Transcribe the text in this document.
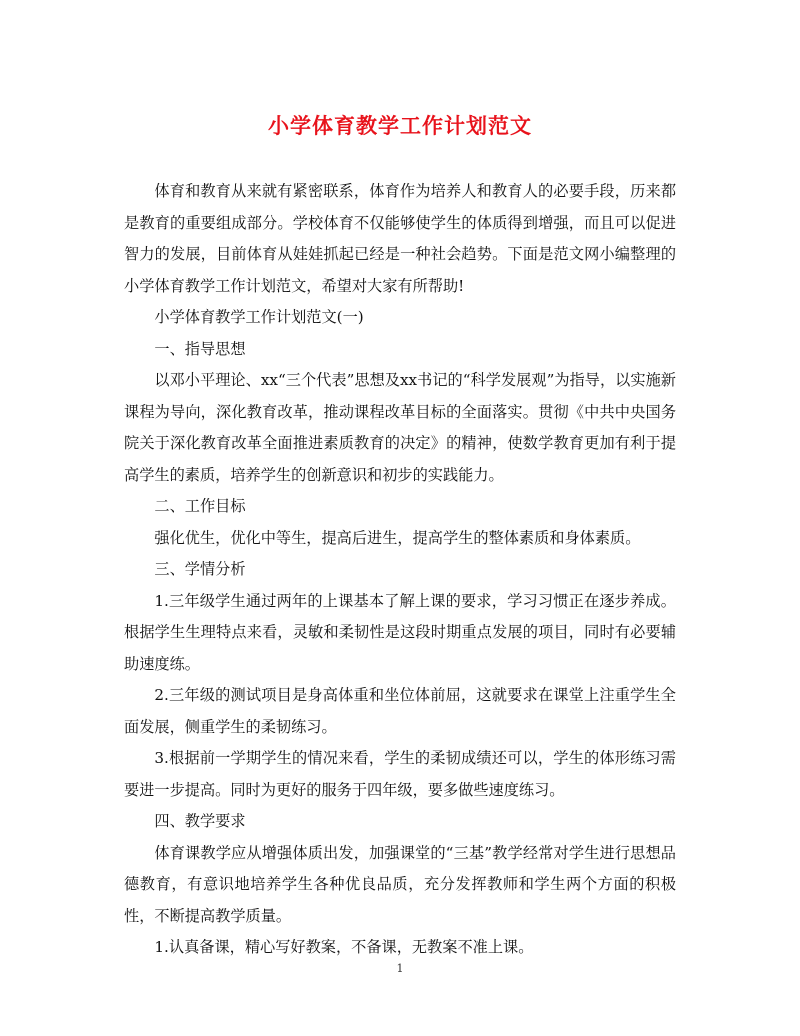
小学体育教学工作计划范文

体育和教育从来就有紧密联系，体育作为培养人和教育人的必要手段，历来都是教育的重要组成部分。学校体育不仅能够使学生的体质得到增强，而且可以促进智力的发展，目前体育从娃娃抓起已经是一种社会趋势。下面是范文网小编整理的小学体育教学工作计划范文，希望对大家有所帮助!

小学体育教学工作计划范文(一)

一、指导思想

以邓小平理论、xx“三个代表”思想及xx书记的“科学发展观”为指导，以实施新课程为导向，深化教育改革，推动课程改革目标的全面落实。贯彻《中共中央国务院关于深化教育改革全面推进素质教育的决定》的精神，使数学教育更加有利于提高学生的素质，培养学生的创新意识和初步的实践能力。

二、工作目标

强化优生，优化中等生，提高后进生，提高学生的整体素质和身体素质。

三、学情分析

1.三年级学生通过两年的上课基本了解上课的要求，学习习惯正在逐步养成。根据学生生理特点来看，灵敏和柔韧性是这段时期重点发展的项目，同时有必要辅助速度练。

2.三年级的测试项目是身高体重和坐位体前屈，这就要求在课堂上注重学生全面发展，侧重学生的柔韧练习。

3.根据前一学期学生的情况来看，学生的柔韧成绩还可以，学生的体形练习需要进一步提高。同时为更好的服务于四年级，要多做些速度练习。

四、教学要求

体育课教学应从增强体质出发，加强课堂的“三基”教学经常对学生进行思想品德教育，有意识地培养学生各种优良品质，充分发挥教师和学生两个方面的积极性，不断提高教学质量。

1.认真备课，精心写好教案，不备课，无教案不准上课。

1
